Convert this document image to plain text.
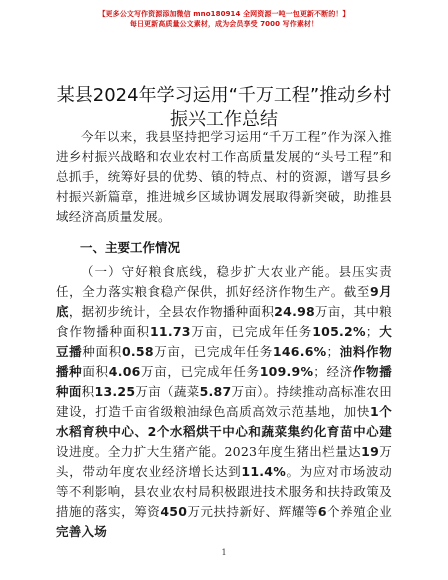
【更多公文写作资源添加微信 mno180914 全网资源一吨一包更新不断的！】
每日更新高质量公文素材，成为会员享受 7000 写作素材！
某县2024年学习运用“千万工程”推动乡村振兴工作总结

今年以来，我县坚持把学习运用“千万工程”作为深入推进乡村振兴战略和农业农村工作高质量发展的“头号工程”和总抓手，统筹好县的优势、镇的特点、村的资源，谱写县乡村振兴新篇章，推进城乡区域协调发展取得新突破，助推县域经济高质量发展。

一、主要工作情况

（一）守好粮食底线，稳步扩大农业产能。县压实责任，全力落实粮食稳产保供，抓好经济作物生产。截至9月底，据初步统计，全县农作物播种面积24.98万亩，其中粮食作物播种面积11.73万亩，已完成年任务105.2%；大豆播种面积0.58万亩，已完成年任务146.6%；油料作物播种面积4.06万亩，已完成年任务109.9%；经济作物播种面积13.25万亩（蔬菜5.87万亩）。持续推动高标准农田建设，打造千亩省级粮油绿色高质高效示范基地，加快1个水稻育秧中心、2个水稻烘干中心和蔬菜集约化育苗中心建设进度。全力扩大生猪产能。2023年度生猪出栏量达19万头，带动年度农业经济增长达到11.4%。为应对市场波动等不利影响，县农业农村局积极跟进技术服务和扶持政策及措施的落实，筹资450万元扶持新好、辉耀等6个养殖企业完善入场

1
